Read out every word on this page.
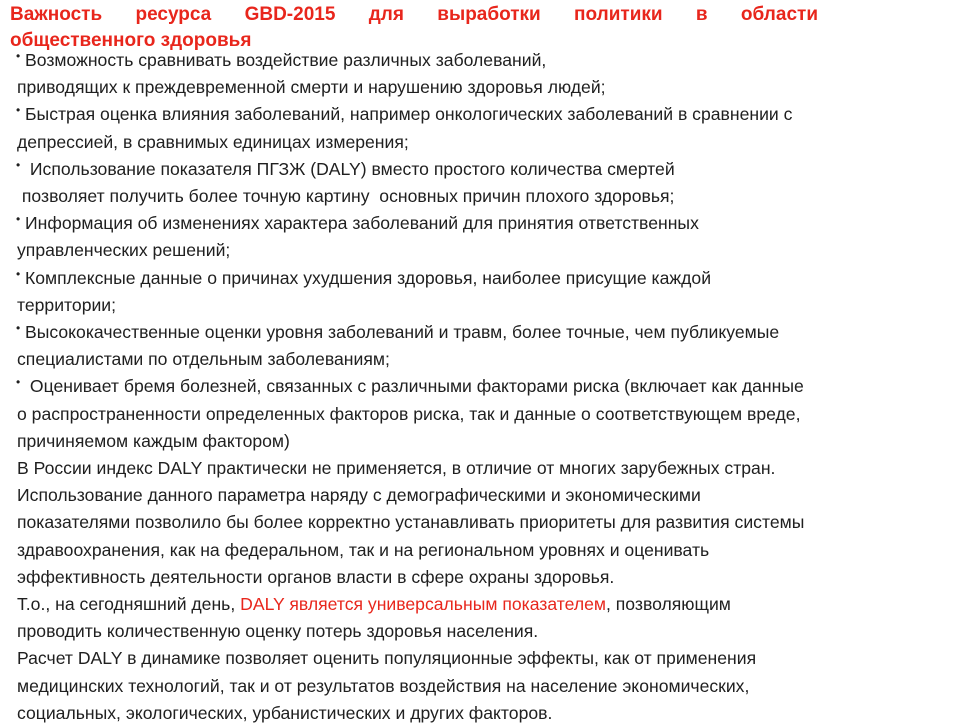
Важность ресурса GBD-2015 для выработки политики в области
общественного здоровья
• Возможность сравнивать воздействие различных заболеваний,
приводящих к преждевременной смерти и нарушению здоровья людей;
• Быстрая оценка влияния заболеваний, например онкологических заболеваний в сравнении с
депрессией, в сравнимых единицах измерения;
• Использование показателя ПГЗЖ (DALY) вместо простого количества смертей
позволяет получить более точную картину  основных причин плохого здоровья;
• Информация об изменениях характера заболеваний для принятия ответственных
управленческих решений;
• Комплексные данные о причинах ухудшения здоровья, наиболее присущие каждой
территории;
• Высококачественные оценки уровня заболеваний и травм, более точные, чем публикуемые
специалистами по отдельным заболеваниям;
• Оценивает бремя болезней, связанных с различными факторами риска (включает как данные
о распространенности определенных факторов риска, так и данные о соответствующем вреде,
причиняемом каждым фактором)
В России индекс DALY практически не применяется, в отличие от многих зарубежных стран.
Использование данного параметра наряду с демографическими и экономическими
показателями позволило бы более корректно устанавливать приоритеты для развития системы
здравоохранения, как на федеральном, так и на региональном уровнях и оценивать
эффективность деятельности органов власти в сфере охраны здоровья.
Т.о., на сегодняшний день, DALY является универсальным показателем, позволяющим
проводить количественную оценку потерь здоровья населения.
Расчет DALY в динамике позволяет оценить популяционные эффекты, как от применения
медицинских технологий, так и от результатов воздействия на население экономических,
социальных, экологических, урбанистических и других факторов.
